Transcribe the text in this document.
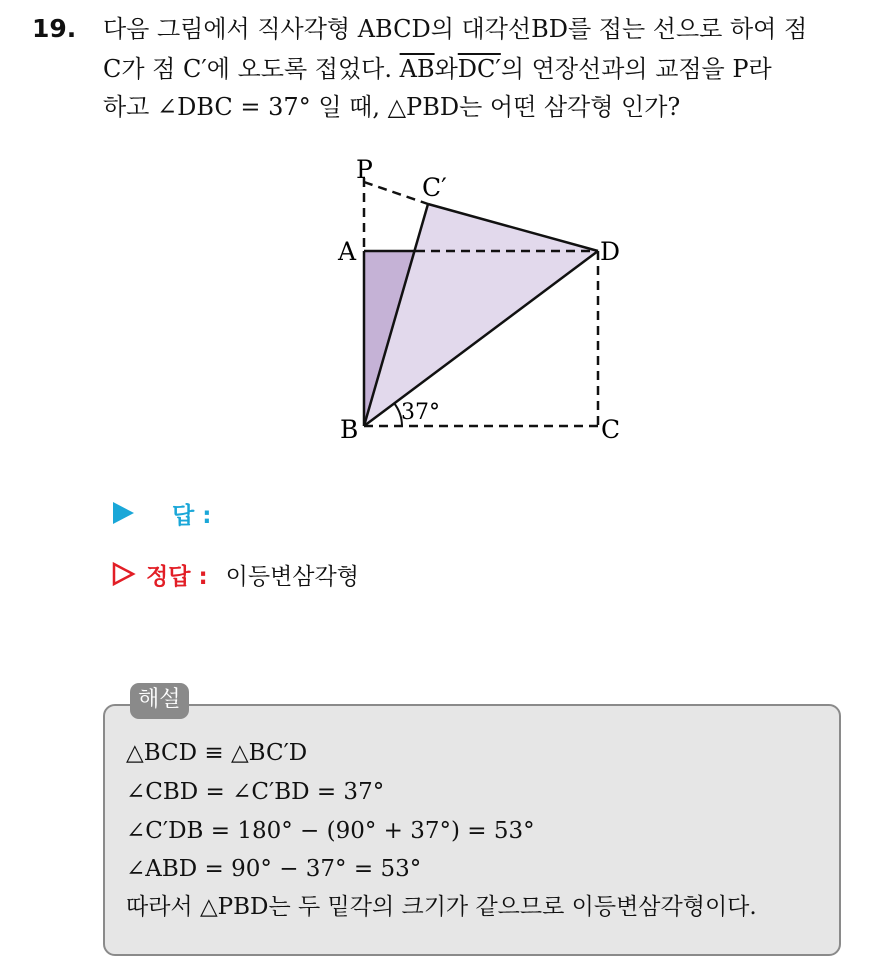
19. 다음 그림에서 직사각형 ABCD의 대각선BD를 접는 선으로 하여 점
C가 점 C′에 오도록 접었다. $\overline{AB}$와DC′의 연장선과의 교점을 P라
하고 ∠DBC = 37° 일 때, △PBD는 어떤 삼각형 인가?
P
C′
A	D
B	C
37°
답 :
정답 : 이등변삼각형
해설
△BCD ≡ △BC′D
∠CBD = ∠C′BD = 37°
∠C′DB = 180° − (90° + 37°) = 53°
∠ABD = 90° − 37° = 53°
따라서 △PBD는 두 밑각의 크기가 같으므로 이등변삼각형이다.
